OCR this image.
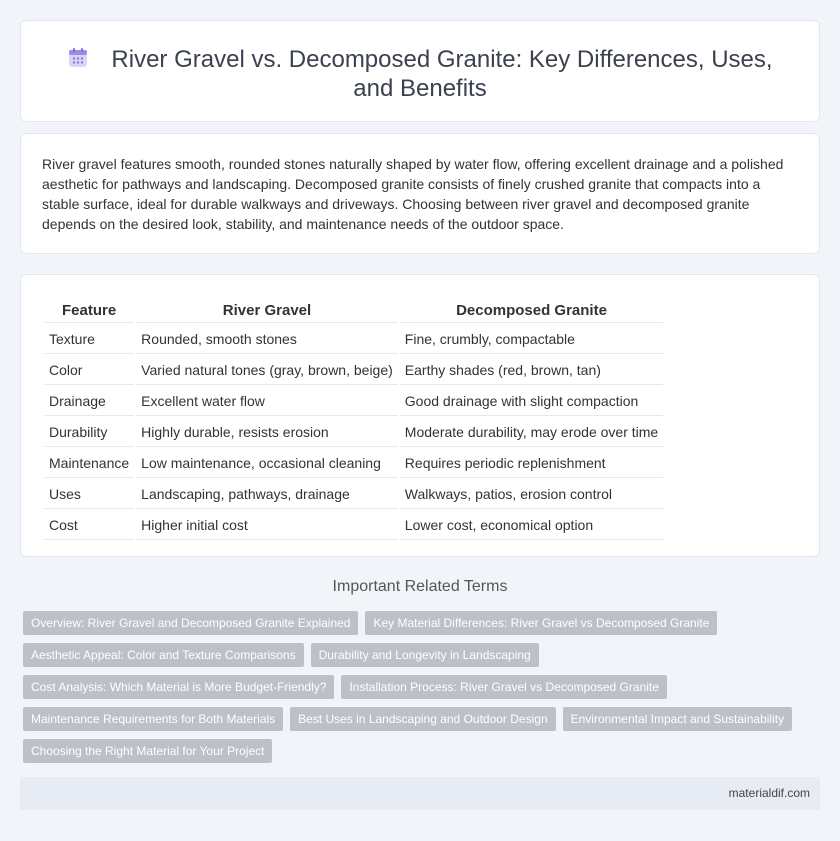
River Gravel vs. Decomposed Granite: Key Differences, Uses, and Benefits

River gravel features smooth, rounded stones naturally shaped by water flow, offering excellent drainage and a polished aesthetic for pathways and landscaping. Decomposed granite consists of finely crushed granite that compacts into a stable surface, ideal for durable walkways and driveways. Choosing between river gravel and decomposed granite depends on the desired look, stability, and maintenance needs of the outdoor space.

Feature	River Gravel	Decomposed Granite
Texture	Rounded, smooth stones	Fine, crumbly, compactable
Color	Varied natural tones (gray, brown, beige)	Earthy shades (red, brown, tan)
Drainage	Excellent water flow	Good drainage with slight compaction
Durability	Highly durable, resists erosion	Moderate durability, may erode over time
Maintenance	Low maintenance, occasional cleaning	Requires periodic replenishment
Uses	Landscaping, pathways, drainage	Walkways, patios, erosion control
Cost	Higher initial cost	Lower cost, economical option
Important Related Terms
Overview: River Gravel and Decomposed Granite Explained	Key Material Differences: River Gravel vs Decomposed Granite
Aesthetic Appeal: Color and Texture Comparisons	Durability and Longevity in Landscaping
Cost Analysis: Which Material is More Budget-Friendly?	Installation Process: River Gravel vs Decomposed Granite
Maintenance Requirements for Both Materials	Best Uses in Landscaping and Outdoor Design	Environmental Impact and Sustainability
Choosing the Right Material for Your Project
materialdif.com
